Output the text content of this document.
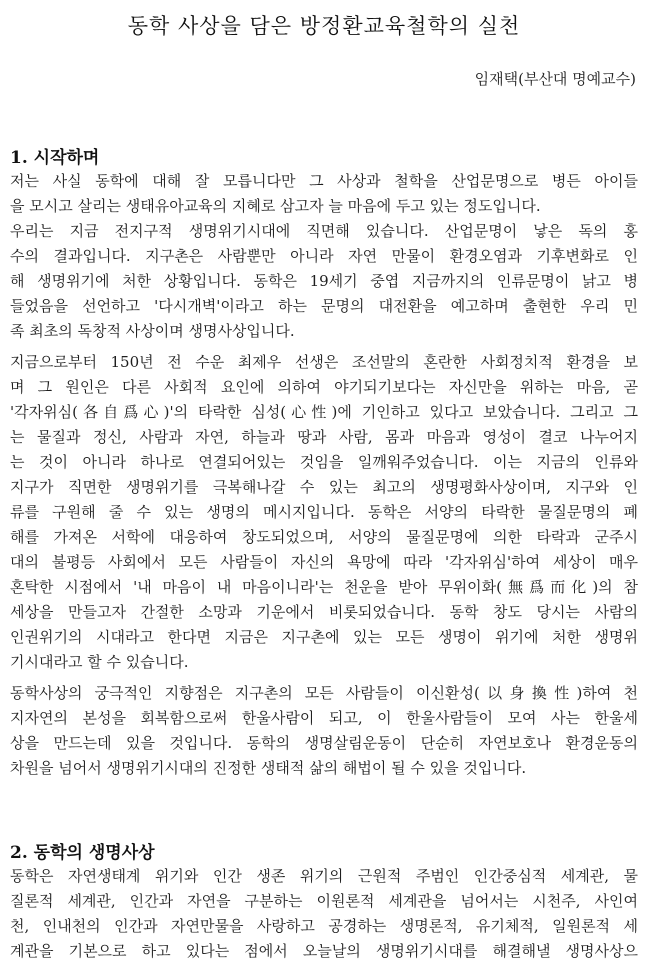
동학 사상을 담은 방정환교육철학의 실천
임재택(부산대 명예교수)
1. 시작하며
저는 사실 동학에 대해 잘 모릅니다만 그 사상과 철학을 산업문명으로 병든 아이들
을 모시고 살리는 생태유아교육의 지혜로 삼고자 늘 마음에 두고 있는 정도입니다.
우리는 지금 전지구적 생명위기시대에 직면해 있습니다. 산업문명이 낳은 독의 홍
수의 결과입니다. 지구촌은 사람뿐만 아니라 자연 만물이 환경오염과 기후변화로 인
해 생명위기에 처한 상황입니다. 동학은 19세기 중엽 지금까지의 인류문명이 낡고 병
들었음을 선언하고 '다시개벽'이라고 하는 문명의 대전환을 예고하며 출현한 우리 민
족 최초의 독창적 사상이며 생명사상입니다.
지금으로부터 150년 전 수운 최제우 선생은 조선말의 혼란한 사회정치적 환경을 보
며 그 원인은 다른 사회적 요인에 의하여 야기되기보다는 자신만을 위하는 마음, 곧
'각자위심(各自爲心)'의 타락한 심성(心性)에 기인하고 있다고 보았습니다. 그리고 그
는 물질과 정신, 사람과 자연, 하늘과 땅과 사람, 몸과 마음과 영성이 결코 나누어지
는 것이 아니라 하나로 연결되어있는 것임을 일깨워주었습니다. 이는 지금의 인류와
지구가 직면한 생명위기를 극복해나갈 수 있는 최고의 생명평화사상이며, 지구와 인
류를 구원해 줄 수 있는 생명의 메시지입니다. 동학은 서양의 타락한 물질문명의 폐
해를 가져온 서학에 대응하여 창도되었으며, 서양의 물질문명에 의한 타락과 군주시
대의 불평등 사회에서 모든 사람들이 자신의 욕망에 따라 '각자위심'하여 세상이 매우
혼탁한 시점에서 '내 마음이 내 마음이니라'는 천운을 받아 무위이화(無爲而化)의 참
세상을 만들고자 간절한 소망과 기운에서 비롯되었습니다. 동학 창도 당시는 사람의
인권위기의 시대라고 한다면 지금은 지구촌에 있는 모든 생명이 위기에 처한 생명위
기시대라고 할 수 있습니다.
동학사상의 궁극적인 지향점은 지구촌의 모든 사람들이 이신환성(以身換性)하여 천
지자연의 본성을 회복함으로써 한울사람이 되고, 이 한울사람들이 모여 사는 한울세
상을 만드는데 있을 것입니다. 동학의 생명살림운동이 단순히 자연보호나 환경운동의
차원을 넘어서 생명위기시대의 진정한 생태적 삶의 해법이 될 수 있을 것입니다.
2. 동학의 생명사상
동학은 자연생태계 위기와 인간 생존 위기의 근원적 주범인 인간중심적 세계관, 물
질론적 세계관, 인간과 자연을 구분하는 이원론적 세계관을 넘어서는 시천주, 사인여
천, 인내천의 인간과 자연만물을 사랑하고 공경하는 생명론적, 유기체적, 일원론적 세
계관을 기본으로 하고 있다는 점에서 오늘날의 생명위기시대를 해결해낼 생명사상으
